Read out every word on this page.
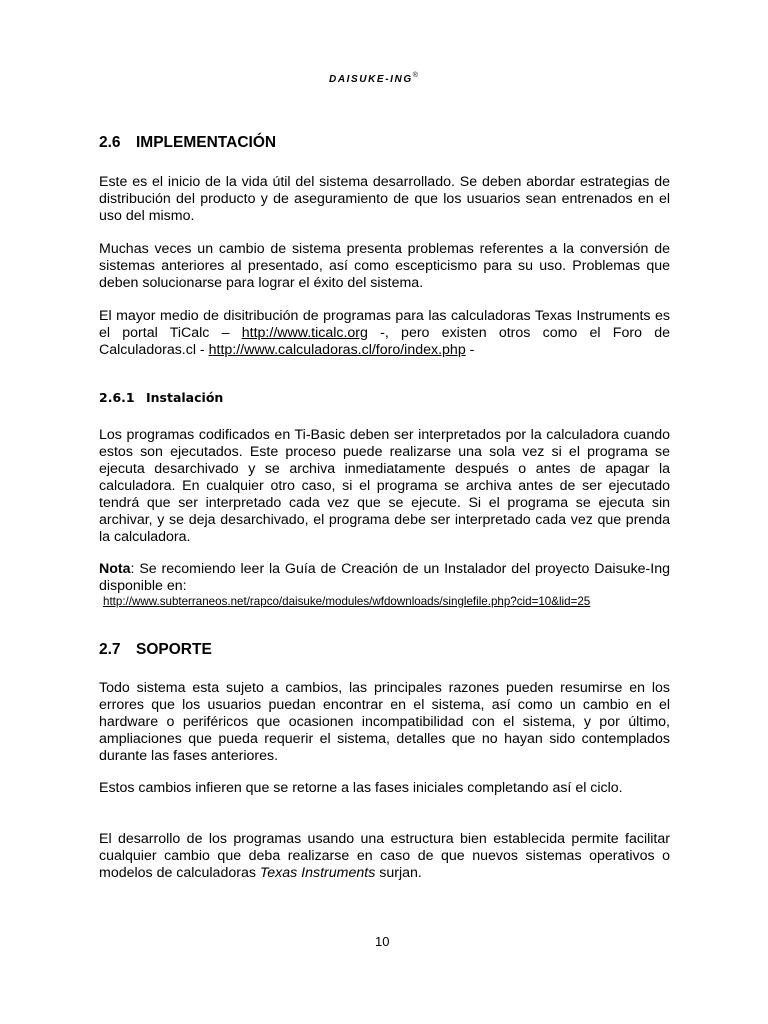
DAISUKE-ING®
2.6 IMPLEMENTACIÓN

Este es el inicio de la vida útil del sistema desarrollado. Se deben abordar estrategias de distribución del producto y de aseguramiento de que los usuarios sean entrenados en el uso del mismo.

Muchas veces un cambio de sistema presenta problemas referentes a la conversión de sistemas anteriores al presentado, así como escepticismo para su uso. Problemas que deben solucionarse para lograr el éxito del sistema.

El mayor medio de disitribución de programas para las calculadoras Texas Instruments es el portal TiCalc – http://www.ticalc.org -, pero existen otros como el Foro de Calculadoras.cl - http://www.calculadoras.cl/foro/index.php -

2.6.1 Instalación

Los programas codificados en Ti-Basic deben ser interpretados por la calculadora cuando estos son ejecutados. Este proceso puede realizarse una sola vez si el programa se ejecuta desarchivado y se archiva inmediatamente después o antes de apagar la calculadora. En cualquier otro caso, si el programa se archiva antes de ser ejecutado tendrá que ser interpretado cada vez que se ejecute. Si el programa se ejecuta sin archivar, y se deja desarchivado, el programa debe ser interpretado cada vez que prenda la calculadora.

Nota: Se recomiendo leer la Guía de Creación de un Instalador del proyecto Daisuke-Ing disponible en:

http://www.subterraneos.net/rapco/daisuke/modules/wfdownloads/singlefile.php?cid=10&lid=25
2.7 SOPORTE

Todo sistema esta sujeto a cambios, las principales razones pueden resumirse en los errores que los usuarios puedan encontrar en el sistema, así como un cambio en el hardware o periféricos que ocasionen incompatibilidad con el sistema, y por último, ampliaciones que pueda requerir el sistema, detalles que no hayan sido contemplados durante las fases anteriores.

Estos cambios infieren que se retorne a las fases iniciales completando así el ciclo.

El desarrollo de los programas usando una estructura bien establecida permite facilitar cualquier cambio que deba realizarse en caso de que nuevos sistemas operativos o modelos de calculadoras Texas Instruments surjan.

10
